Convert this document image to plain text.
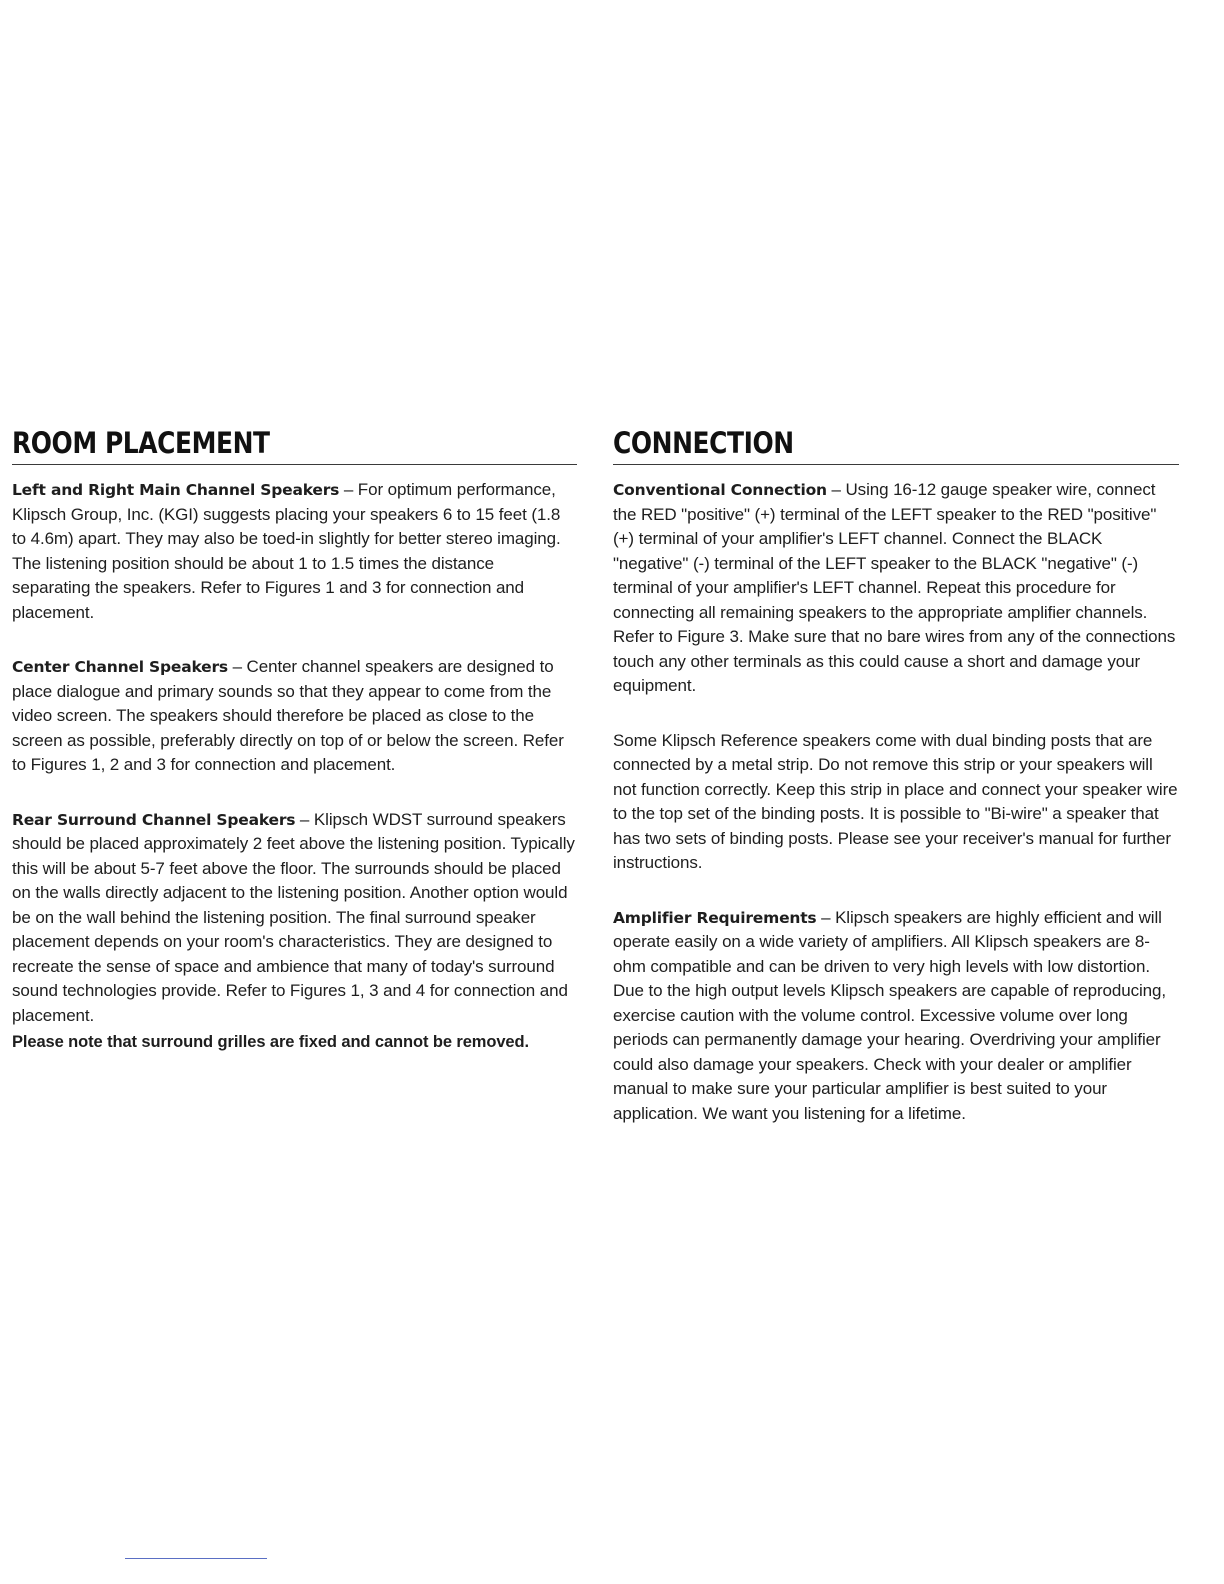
ROOM PLACEMENT

Left and Right Main Channel Speakers – For optimum performance, Klipsch Group, Inc. (KGI) suggests placing your speakers 6 to 15 feet (1.8 to 4.6m) apart. They may also be toed-in slightly for better stereo imaging. The listening position should be about 1 to 1.5 times the distance separating the speakers. Refer to Figures 1 and 3 for connection and placement.

Center Channel Speakers – Center channel speakers are designed to place dialogue and primary sounds so that they appear to come from the video screen. The speakers should therefore be placed as close to the screen as possible, preferably directly on top of or below the screen. Refer to Figures 1, 2 and 3 for connection and placement.

Rear Surround Channel Speakers – Klipsch WDST surround speakers should be placed approximately 2 feet above the listening position. Typically this will be about 5-7 feet above the floor. The surrounds should be placed on the walls directly adjacent to the listening position. Another option would be on the wall behind the listening position. The final surround speaker placement depends on your room's characteristics. They are designed to recreate the sense of space and ambience that many of today's surround sound technologies provide. Refer to Figures 1, 3 and 4 for connection and placement.

Please note that surround grilles are fixed and cannot be removed.

CONNECTION

Conventional Connection – Using 16-12 gauge speaker wire, connect the RED "positive" (+) terminal of the LEFT speaker to the RED "positive" (+) terminal of your amplifier's LEFT channel. Connect the BLACK "negative" (-) terminal of the LEFT speaker to the BLACK "negative" (-) terminal of your amplifier's LEFT channel. Repeat this procedure for connecting all remaining speakers to the appropriate amplifier channels. Refer to Figure 3. Make sure that no bare wires from any of the connections touch any other terminals as this could cause a short and damage your equipment.

Some Klipsch Reference speakers come with dual binding posts that are connected by a metal strip. Do not remove this strip or your speakers will not function correctly. Keep this strip in place and connect your speaker wire to the top set of the binding posts. It is possible to "Bi-wire" a speaker that has two sets of binding posts. Please see your receiver's manual for further instructions.

Amplifier Requirements – Klipsch speakers are highly efficient and will operate easily on a wide variety of amplifiers. All Klipsch speakers are 8-ohm compatible and can be driven to very high levels with low distortion. Due to the high output levels Klipsch speakers are capable of reproducing, exercise caution with the volume control. Excessive volume over long periods can permanently damage your hearing. Overdriving your amplifier could also damage your speakers. Check with your dealer or amplifier manual to make sure your particular amplifier is best suited to your application. We want you listening for a lifetime.
